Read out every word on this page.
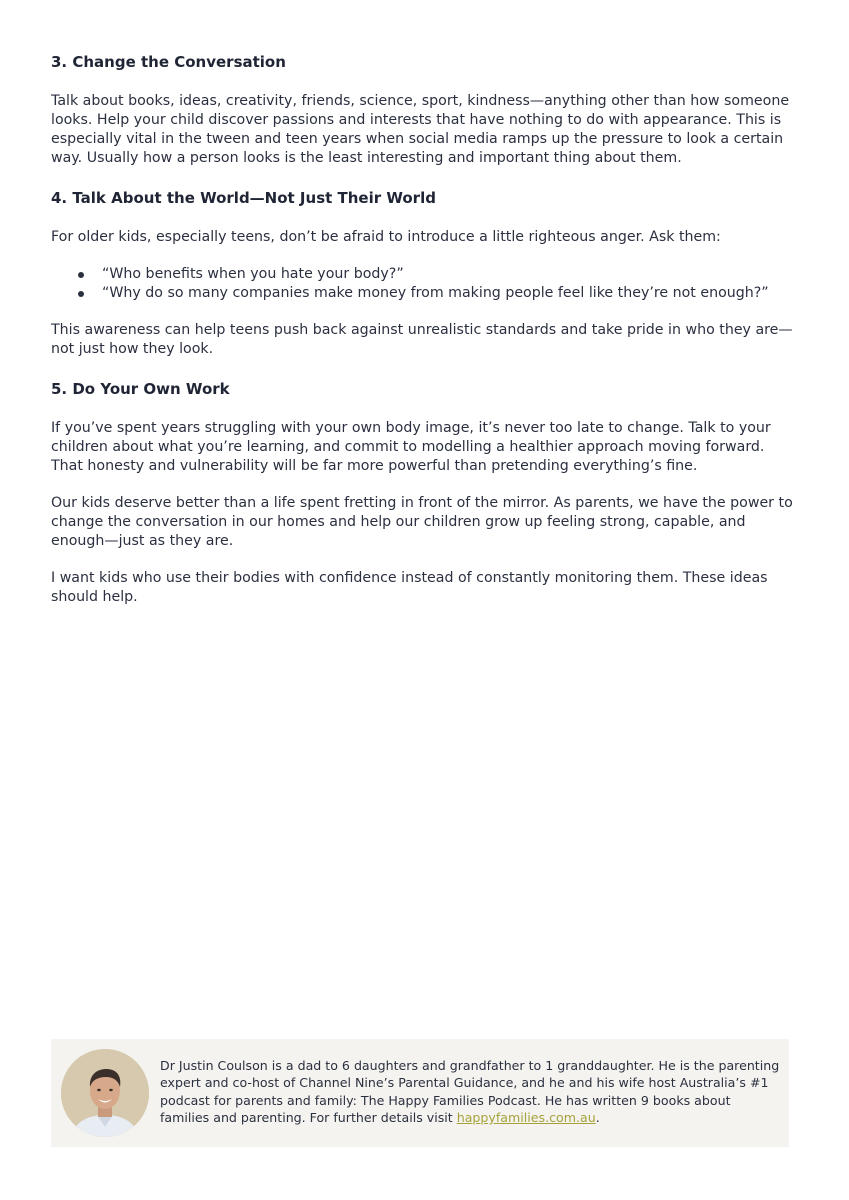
3. Change the Conversation

Talk about books, ideas, creativity, friends, science, sport, kindness—anything other than how someone looks. Help your child discover passions and interests that have nothing to do with appearance. This is especially vital in the tween and teen years when social media ramps up the pressure to look a certain way. Usually how a person looks is the least interesting and important thing about them.

4. Talk About the World—Not Just Their World

For older kids, especially teens, don’t be afraid to introduce a little righteous anger. Ask them:

“Who benefits when you hate your body?”
“Why do so many companies make money from making people feel like they’re not enough?”

This awareness can help teens push back against unrealistic standards and take pride in who they are—not just how they look.

5. Do Your Own Work

If you’ve spent years struggling with your own body image, it’s never too late to change. Talk to your children about what you’re learning, and commit to modelling a healthier approach moving forward. That honesty and vulnerability will be far more powerful than pretending everything’s fine.

Our kids deserve better than a life spent fretting in front of the mirror. As parents, we have the power to change the conversation in our homes and help our children grow up feeling strong, capable, and enough—just as they are.

I want kids who use their bodies with confidence instead of constantly monitoring them. These ideas should help.

Dr Justin Coulson is a dad to 6 daughters and grandfather to 1 granddaughter. He is the parenting expert and co-host of Channel Nine’s Parental Guidance, and he and his wife host Australia’s #1 podcast for parents and family: The Happy Families Podcast. He has written 9 books about families and parenting. For further details visit happyfamilies.com.au.
